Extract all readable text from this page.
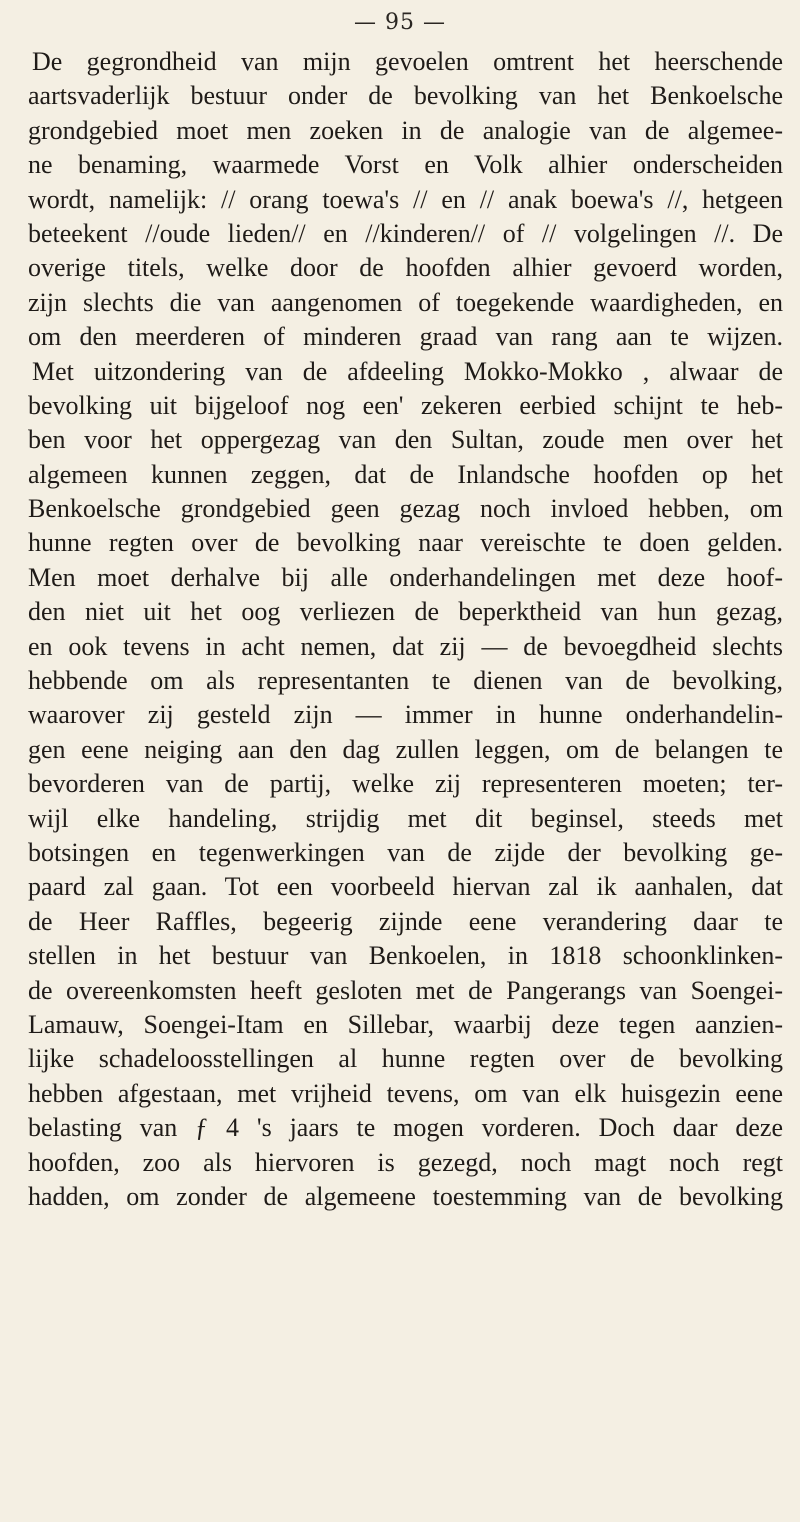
— 95 —
De gegrondheid van mijn gevoelen omtrent het heerschende
aartsvaderlijk bestuur onder de bevolking van het Benkoelsche
grondgebied moet men zoeken in de analogie van de algemee-
ne benaming, waarmede Vorst en Volk alhier onderscheiden
wordt, namelijk: // orang toewa's // en // anak boewa's //, hetgeen
beteekent //oude lieden// en //kinderen// of // volgelingen //. De
overige titels, welke door de hoofden alhier gevoerd worden,
zijn slechts die van aangenomen of toegekende waardigheden, en
om den meerderen of minderen graad van rang aan te wijzen.
Met uitzondering van de afdeeling Mokko-Mokko , alwaar de
bevolking uit bijgeloof nog een' zekeren eerbied schijnt te heb-
ben voor het oppergezag van den Sultan, zoude men over het
algemeen kunnen zeggen, dat de Inlandsche hoofden op het
Benkoelsche grondgebied geen gezag noch invloed hebben, om
hunne regten over de bevolking naar vereischte te doen gelden.
Men moet derhalve bij alle onderhandelingen met deze hoof-
den niet uit het oog verliezen de beperktheid van hun gezag,
en ook tevens in acht nemen, dat zij — de bevoegdheid slechts
hebbende om als representanten te dienen van de bevolking,
waarover zij gesteld zijn — immer in hunne onderhandelin-
gen eene neiging aan den dag zullen leggen, om de belangen te
bevorderen van de partij, welke zij representeren moeten; ter-
wijl elke handeling, strijdig met dit beginsel, steeds met
botsingen en tegenwerkingen van de zijde der bevolking ge-
paard zal gaan. Tot een voorbeeld hiervan zal ik aanhalen, dat
de Heer Raffles, begeerig zijnde eene verandering daar te
stellen in het bestuur van Benkoelen, in 1818 schoonklinken-
de overeenkomsten heeft gesloten met de Pangerangs van Soengei-
Lamauw, Soengei-Itam en Sillebar, waarbij deze tegen aanzien-
lijke schadeloosstellingen al hunne regten over de bevolking
hebben afgestaan, met vrijheid tevens, om van elk huisgezin eene
belasting van ƒ 4 's jaars te mogen vorderen. Doch daar deze
hoofden, zoo als hiervoren is gezegd, noch magt noch regt
hadden, om zonder de algemeene toestemming van de bevolking
